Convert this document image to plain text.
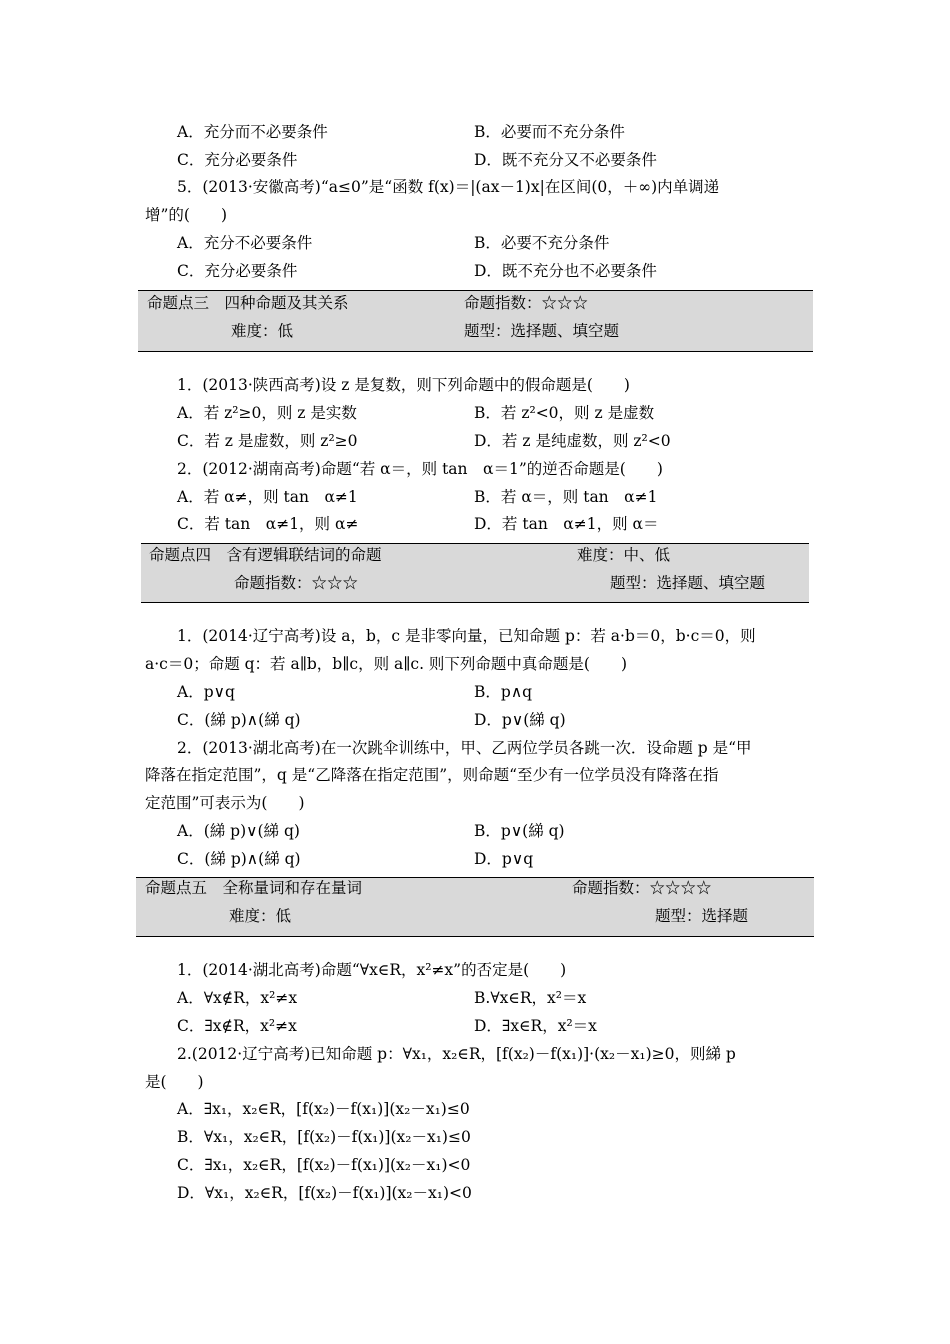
A．充分而不必要条件	B．必要而不充分条件
C．充分必要条件	D．既不充分又不必要条件
5．(2013·安徽高考)“a≤0”是“函数 f(x)＝|(ax－1)x|在区间(0，＋∞)内单调递
增”的(　　)
A．充分不必要条件	B．必要不充分条件
C．充分必要条件	D．既不充分也不必要条件
命题点三　四种命题及其关系	命题指数：☆☆☆
难度：低	题型：选择题、填空题
1．(2013·陕西高考)设 z 是复数，则下列命题中的假命题是(　　)
A．若 z²≥0，则 z 是实数	B．若 z²<0，则 z 是虚数
C．若 z 是虚数，则 z²≥0	D．若 z 是纯虚数，则 z²<0
2．(2012·湖南高考)命题“若 α＝，则 tan　α＝1”的逆否命题是(　　)
A．若 α≠，则 tan　α≠1	B．若 α＝，则 tan　α≠1
C．若 tan　α≠1，则 α≠	D．若 tan　α≠1，则 α＝
命题点四　含有逻辑联结词的命题	难度：中、低
命题指数：☆☆☆	题型：选择题、填空题
1．(2014·辽宁高考)设 a，b，c 是非零向量，已知命题 p：若 a·b＝0，b·c＝0，则
a·c＝0；命题 q：若 a∥b，b∥c，则 a∥c. 则下列命题中真命题是(　　)
A．p∨q	B．p∧q
C．(綈 p)∧(綈 q)	D．p∨(綈 q)
2．(2013·湖北高考)在一次跳伞训练中，甲、乙两位学员各跳一次．设命题 p 是“甲
降落在指定范围”，q 是“乙降落在指定范围”，则命题“至少有一位学员没有降落在指
定范围”可表示为(　　)
A．(綈 p)∨(綈 q)	B．p∨(綈 q)
C．(綈 p)∧(綈 q)	D．p∨q
命题点五　全称量词和存在量词	命题指数：☆☆☆☆
难度：低	题型：选择题
1．(2014·湖北高考)命题“∀x∈R，x²≠x”的否定是(　　)
A．∀x∉R，x²≠x	B.∀x∈R，x²＝x
C．∃x∉R，x²≠x	D．∃x∈R，x²＝x
2.(2012·辽宁高考)已知命题 p：∀x₁，x₂∈R，[f(x₂)－f(x₁)]·(x₂－x₁)≥0，则綈 p
是(　　)
A．∃x₁，x₂∈R，[f(x₂)－f(x₁)](x₂－x₁)≤0
B．∀x₁，x₂∈R，[f(x₂)－f(x₁)](x₂－x₁)≤0
C．∃x₁，x₂∈R，[f(x₂)－f(x₁)](x₂－x₁)<0
D．∀x₁，x₂∈R，[f(x₂)－f(x₁)](x₂－x₁)<0
